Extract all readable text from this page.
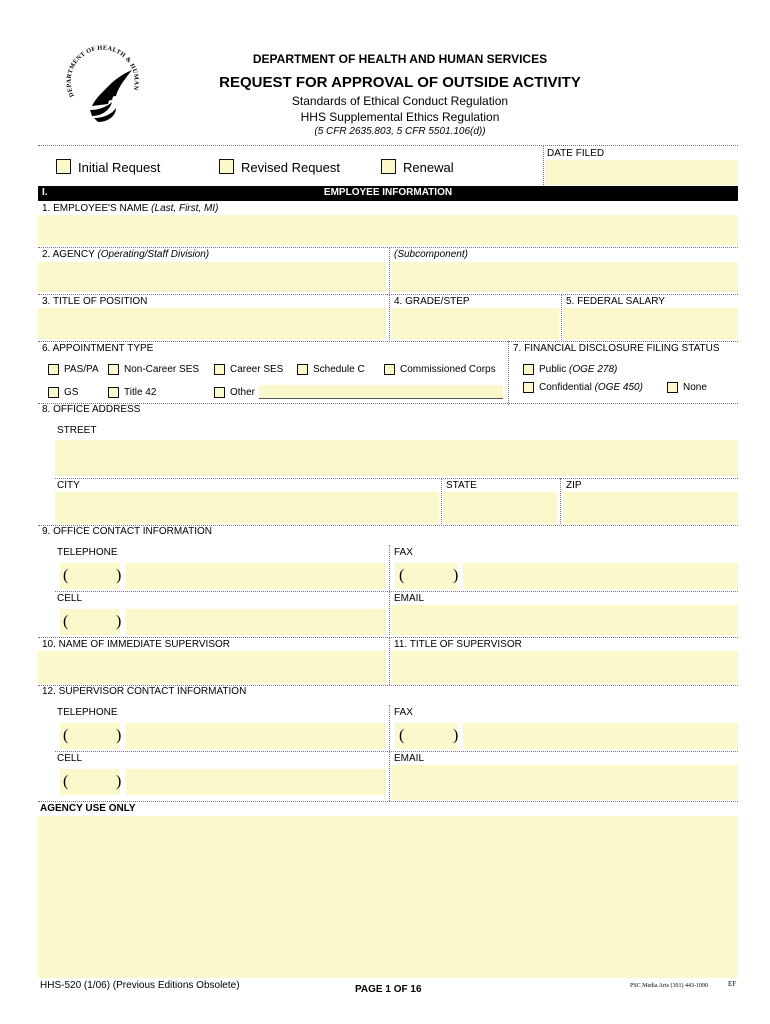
DEPARTMENT OF HEALTH & HUMAN
DEPARTMENT OF HEALTH AND HUMAN SERVICES
REQUEST FOR APPROVAL OF OUTSIDE ACTIVITY
Standards of Ethical Conduct Regulation
HHS Supplemental Ethics Regulation
(5 CFR 2635.803, 5 CFR 5501.106(d))
Initial Request	Revised Request	Renewal
DATE FILED
I.	EMPLOYEE INFORMATION
1. EMPLOYEE'S NAME (Last, First, MI)
2. AGENCY (Operating/Staff Division)	(Subcomponent)
3. TITLE OF POSITION	4. GRADE/STEP	5. FEDERAL SALARY
6. APPOINTMENT TYPE	7. FINANCIAL DISCLOSURE FILING STATUS
PAS/PA	Non-Career SES	Career SES	Schedule C	Commissioned Corps
GS	Title 42	Other
Public (OGE 278)
Confidential (OGE 450)	None
8. OFFICE ADDRESS
STREET
CITY	STATE	ZIP
9. OFFICE CONTACT INFORMATION
TELEPHONE
(	)
FAX
(	)
CELL
(	)
EMAIL
10. NAME OF IMMEDIATE SUPERVISOR	11. TITLE OF SUPERVISOR
12. SUPERVISOR CONTACT INFORMATION
TELEPHONE
(	)
FAX
(	)
CELL
(	)
EMAIL
AGENCY USE ONLY
HHS-520 (1/06) (Previous Editions Obsolete)	PAGE 1 OF 16	PSC Media Arts (301) 443-1090	EF
